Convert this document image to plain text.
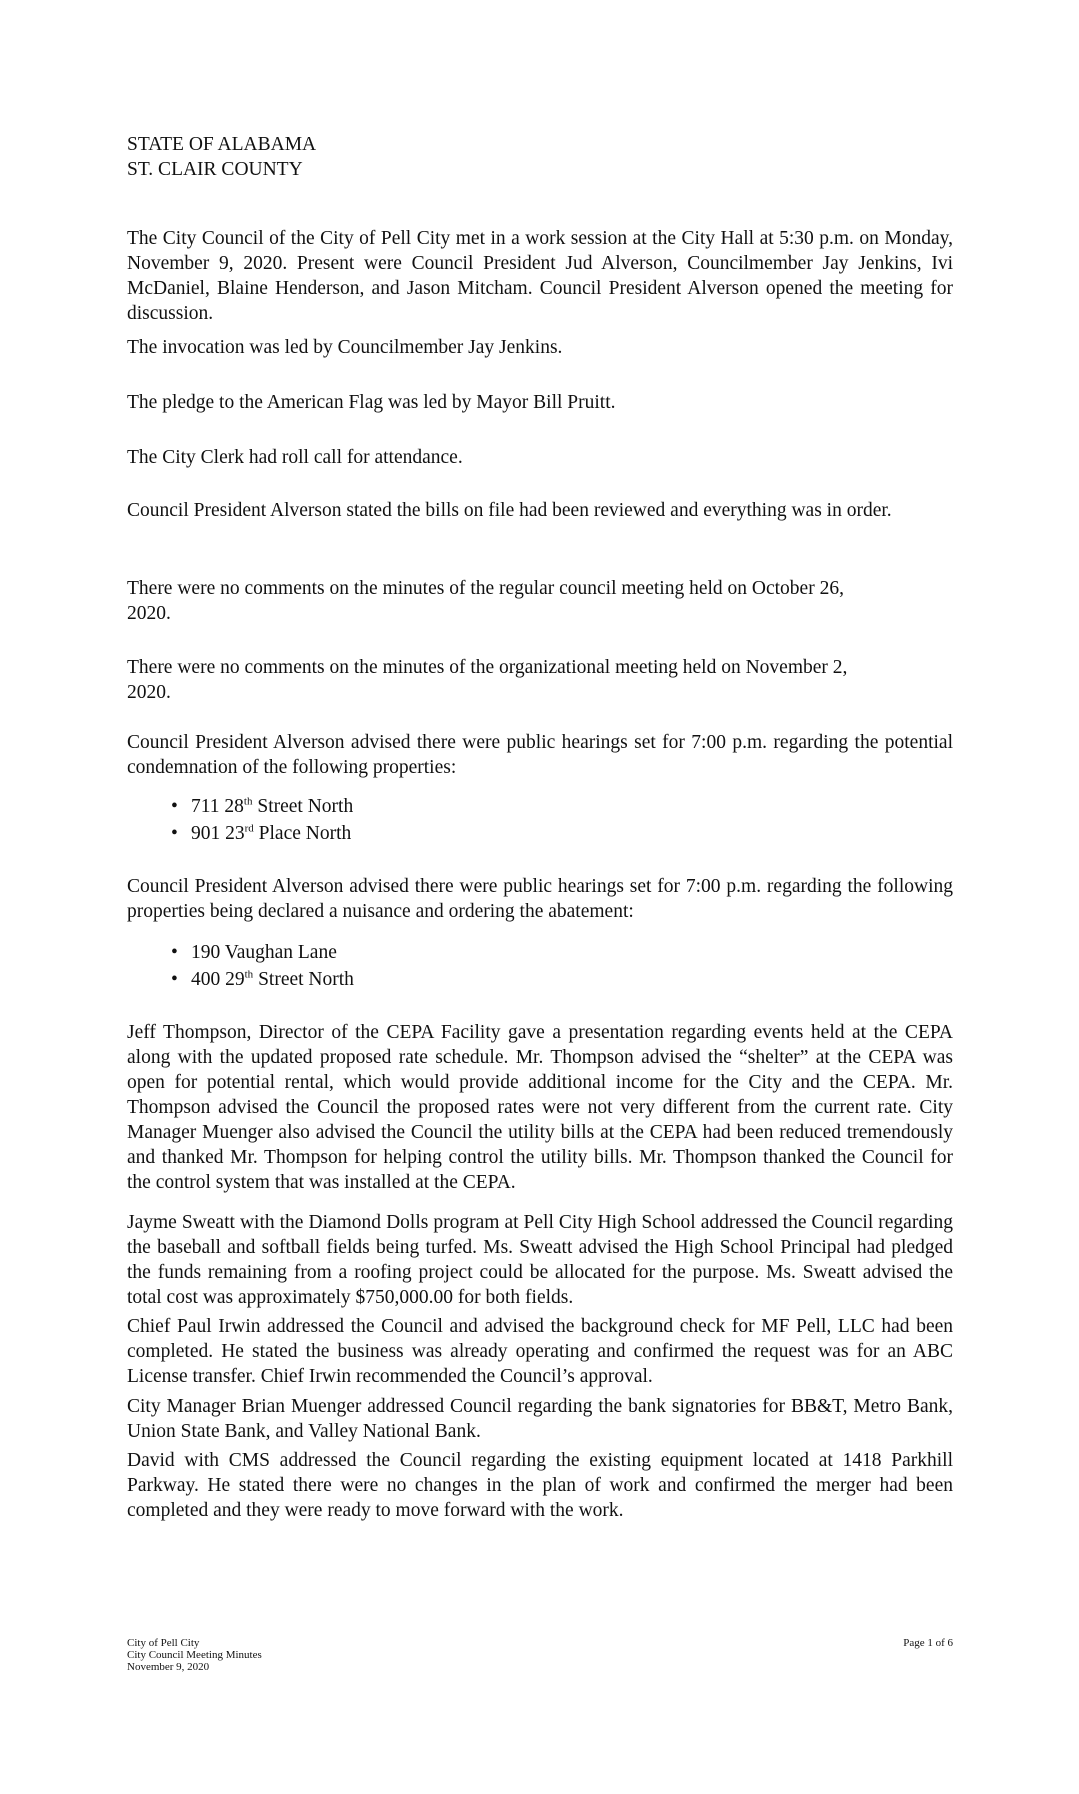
STATE OF ALABAMA
ST. CLAIR COUNTY

The City Council of the City of Pell City met in a work session at the City Hall at 5:30 p.m. on Monday, November 9, 2020. Present were Council President Jud Alverson, Councilmember Jay Jenkins, Ivi McDaniel, Blaine Henderson, and Jason Mitcham. Council President Alverson opened the meeting for discussion.

The invocation was led by Councilmember Jay Jenkins.

The pledge to the American Flag was led by Mayor Bill Pruitt.

The City Clerk had roll call for attendance.

Council President Alverson stated the bills on file had been reviewed and everything was in order.

There were no comments on the minutes of the regular council meeting held on October 26,
2020.
There were no comments on the minutes of the organizational meeting held on November 2,
2020.

Council President Alverson advised there were public hearings set for 7:00 p.m. regarding the potential condemnation of the following properties:

• 711 28th Street North
• 901 23rd Place North

Council President Alverson advised there were public hearings set for 7:00 p.m. regarding the following properties being declared a nuisance and ordering the abatement:

• 190 Vaughan Lane
• 400 29th Street North

Jeff Thompson, Director of the CEPA Facility gave a presentation regarding events held at the CEPA along with the updated proposed rate schedule. Mr. Thompson advised the “shelter” at the CEPA was open for potential rental, which would provide additional income for the City and the CEPA. Mr. Thompson advised the Council the proposed rates were not very different from the current rate. City Manager Muenger also advised the Council the utility bills at the CEPA had been reduced tremendously and thanked Mr. Thompson for helping control the utility bills. Mr. Thompson thanked the Council for the control system that was installed at the CEPA.

Jayme Sweatt with the Diamond Dolls program at Pell City High School addressed the Council regarding the baseball and softball fields being turfed. Ms. Sweatt advised the High School Principal had pledged the funds remaining from a roofing project could be allocated for the purpose. Ms. Sweatt advised the total cost was approximately $750,000.00 for both fields.

Chief Paul Irwin addressed the Council and advised the background check for MF Pell, LLC had been completed. He stated the business was already operating and confirmed the request was for an ABC License transfer. Chief Irwin recommended the Council’s approval.

City Manager Brian Muenger addressed Council regarding the bank signatories for BB&T, Metro Bank, Union State Bank, and Valley National Bank.

David with CMS addressed the Council regarding the existing equipment located at 1418 Parkhill Parkway. He stated there were no changes in the plan of work and confirmed the merger had been completed and they were ready to move forward with the work.

City of Pell City
City Council Meeting Minutes
November 9, 2020
Page 1 of 6
